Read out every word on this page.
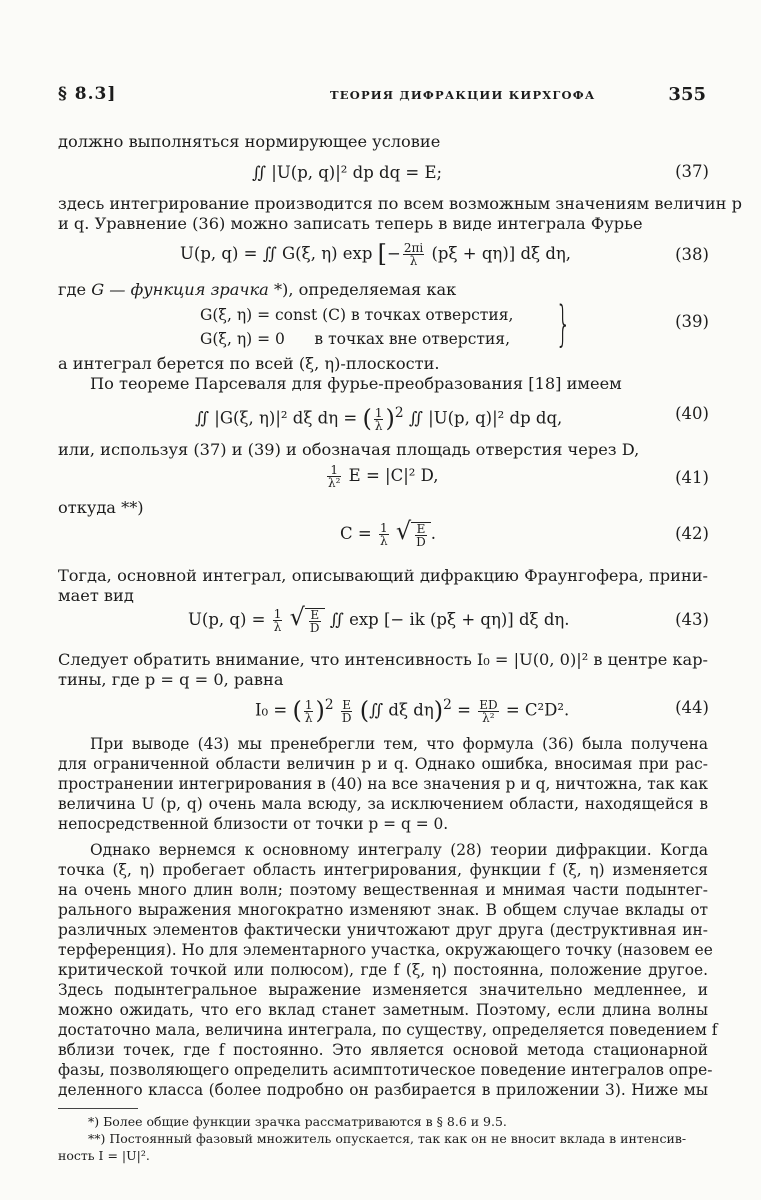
§ 8.3]	ТЕОРИЯ ДИФРАКЦИИ КИРХГОФА	355
должно выполняться нормирующее условие
∬ |U(p, q)|² dp dq = E;	(37)
здесь интегрирование производится по всем возможным значениям величин p
и q. Уравнение (36) можно записать теперь в виде интеграла Фурье
U(p, q) = ∬ G(ξ, η) exp [− $\frac{2\pi i}{\lambda} (p\xi + q\eta)$] dξ dη,	(38)
где G — функция зрачка *), определяемая как
G(ξ, η) = const (C) в точках отверстия,
G(ξ, η) = 0      в точках вне отверстия, }	(39)
а интеграл берется по всей (ξ, η)-плоскости.
По теореме Парсеваля для фурье-преобразования [18] имеем
∬ |G(ξ, η)|² dξ dη = ( $\frac{1}{\lambda} )^2$ ∬ |U(p, q)|² dp dq,	(40)
или, используя (37) и (39) и обозначая площадь отверстия через D,
$\frac{1}{\text{λ²}}$ E = |C|² D,	(41)
откуда **)
$C = \frac{1}{\lambda}$ √ $\frac{E}{D}$ .	(42)
Тогда, основной интеграл, описывающий дифракцию Фраунгофера, прини-
мает вид
U(p, $q) = \frac{1}{\lambda}$ √ $\frac{E}{D}$ ∬ exp [− ik (pξ + qη)] dξ dη.	(43)
Следует обратить внимание, что интенсивность I₀ = |U(0, 0)|² в центре кар-
тины, где p = q = 0, равна
I₀ = ( $\frac{1}{\lambda} )^2 \frac{E}{D}$ (∬ dξ $d\eta)^2 = \frac{ED}{\text{λ²}} = C^2D^2$.	(44)
При выводе (43) мы пренебрегли тем, что формула (36) была получена
для ограниченной области величин p и q. Однако ошибка, вносимая при рас-
пространении интегрирования в (40) на все значения p и q, ничтожна, так как
величина U (p, q) очень мала всюду, за исключением области, находящейся в
непосредственной близости от точки p = q = 0.
Однако вернемся к основному интегралу (28) теории дифракции. Когда
точка (ξ, η) пробегает область интегрирования, функции f (ξ, η) изменяется
на очень много длин волн; поэтому вещественная и мнимая части подынтег-
рального выражения многократно изменяют знак. В общем случае вклады от
различных элементов фактически уничтожают друг друга (деструктивная ин-
терференция). Но для элементарного участка, окружающего точку (назовем ее
критической точкой или полюсом), где f (ξ, η) постоянна, положение другое.
Здесь подынтегральное выражение изменяется значительно медленнее, и
можно ожидать, что его вклад станет заметным. Поэтому, если длина волны
достаточно мала, величина интеграла, по существу, определяется поведением f
вблизи точек, где f постоянно. Это является основой метода стационарной
*) Более общие функции зрачка рассматриваются в § 8.6 и 9.5.
**) Постоянный фазовый множитель опускается, так как он не вносит вклада в интенсив-
ность I = |U|².
фазы, позволяющего определить асимптотическое поведение интегралов опре-
деленного класса (более подробно он разбирается в приложении 3). Ниже мы
